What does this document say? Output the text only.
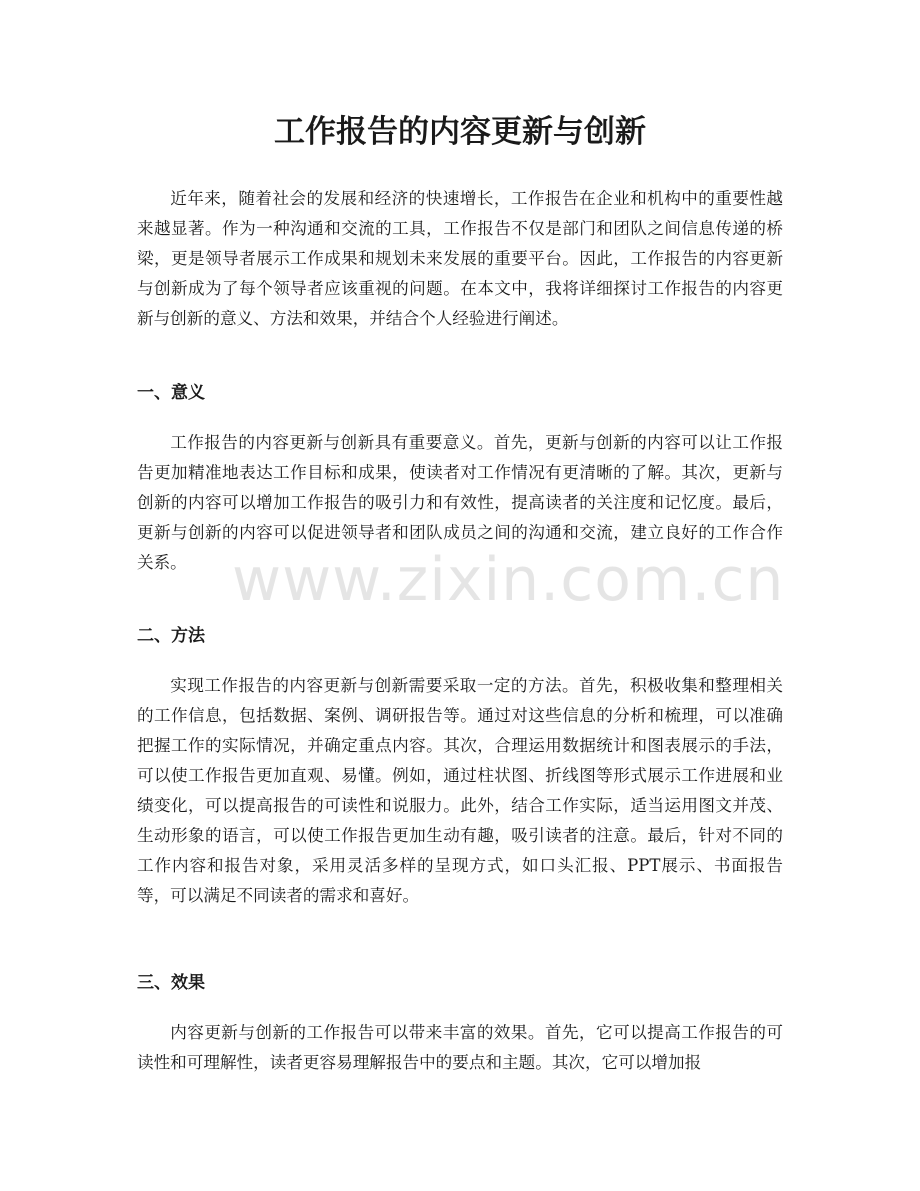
工作报告的内容更新与创新

近年来，随着社会的发展和经济的快速增长，工作报告在企业和机构中的重要性越来越显著。作为一种沟通和交流的工具，工作报告不仅是部门和团队之间信息传递的桥梁，更是领导者展示工作成果和规划未来发展的重要平台。因此，工作报告的内容更新与创新成为了每个领导者应该重视的问题。在本文中，我将详细探讨工作报告的内容更新与创新的意义、方法和效果，并结合个人经验进行阐述。

一、意义

工作报告的内容更新与创新具有重要意义。首先，更新与创新的内容可以让工作报告更加精准地表达工作目标和成果，使读者对工作情况有更清晰的了解。其次，更新与创新的内容可以增加工作报告的吸引力和有效性，提高读者的关注度和记忆度。最后，更新与创新的内容可以促进领导者和团队成员之间的沟通和交流，建立良好的工作合作关系。

二、方法

实现工作报告的内容更新与创新需要采取一定的方法。首先，积极收集和整理相关的工作信息，包括数据、案例、调研报告等。通过对这些信息的分析和梳理，可以准确把握工作的实际情况，并确定重点内容。其次，合理运用数据统计和图表展示的手法，可以使工作报告更加直观、易懂。例如，通过柱状图、折线图等形式展示工作进展和业绩变化，可以提高报告的可读性和说服力。此外，结合工作实际，适当运用图文并茂、生动形象的语言，可以使工作报告更加生动有趣，吸引读者的注意。最后，针对不同的工作内容和报告对象，采用灵活多样的呈现方式，如口头汇报、PPT展示、书面报告等，可以满足不同读者的需求和喜好。

三、效果

内容更新与创新的工作报告可以带来丰富的效果。首先，它可以提高工作报告的可读性和可理解性，读者更容易理解报告中的要点和主题。其次，它可以增加报

www.zixin.com.cn
